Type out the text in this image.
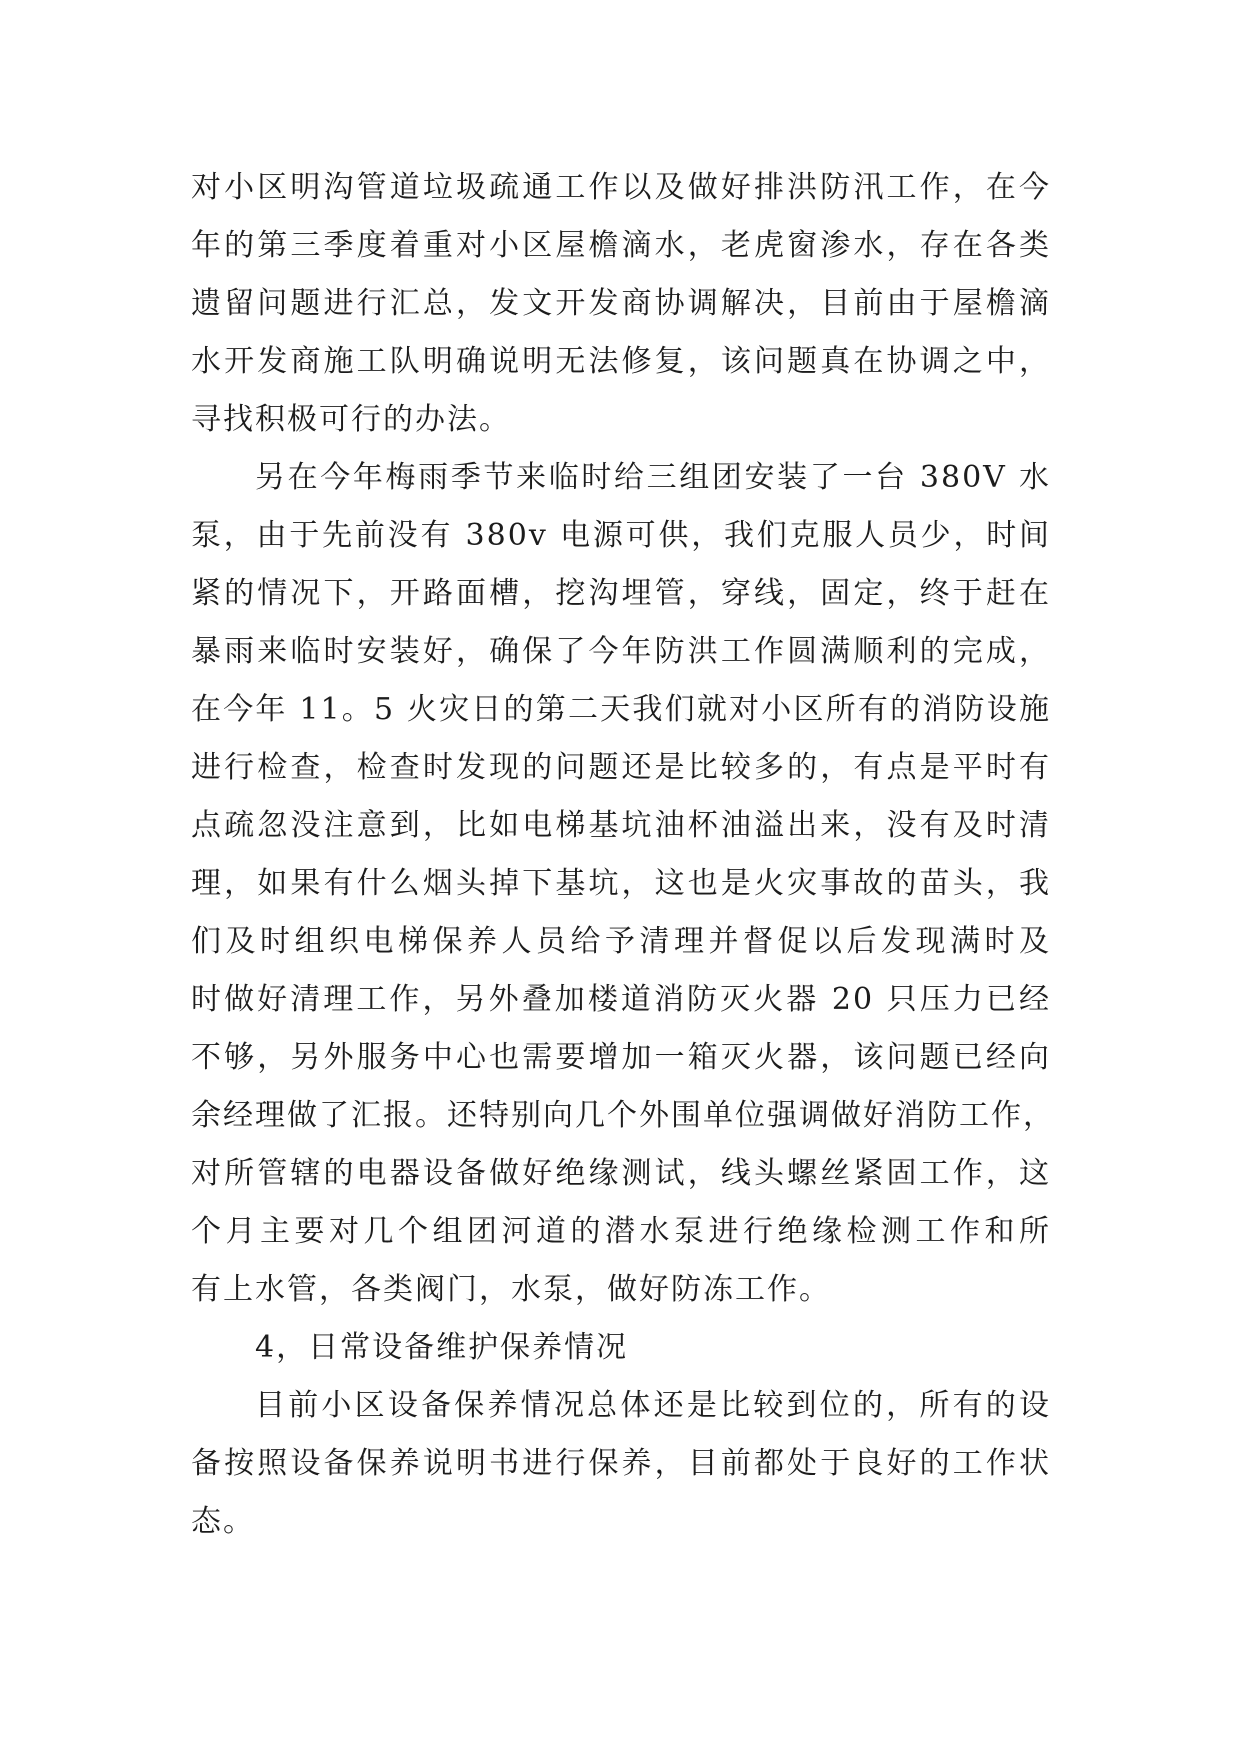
对小区明沟管道垃圾疏通工作以及做好排洪防汛工作，在今
年的第三季度着重对小区屋檐滴水，老虎窗渗水，存在各类
遗留问题进行汇总，发文开发商协调解决，目前由于屋檐滴
水开发商施工队明确说明无法修复，该问题真在协调之中，
寻找积极可行的办法。
另在今年梅雨季节来临时给三组团安装了一台 380V 水
泵，由于先前没有 380v 电源可供，我们克服人员少，时间
紧的情况下，开路面槽，挖沟埋管，穿线，固定，终于赶在
暴雨来临时安装好，确保了今年防洪工作圆满顺利的完成，
在今年 11。5 火灾日的第二天我们就对小区所有的消防设施
进行检查，检查时发现的问题还是比较多的，有点是平时有
点疏忽没注意到，比如电梯基坑油杯油溢出来，没有及时清
理，如果有什么烟头掉下基坑，这也是火灾事故的苗头，我
们及时组织电梯保养人员给予清理并督促以后发现满时及
时做好清理工作，另外叠加楼道消防灭火器 20 只压力已经
不够，另外服务中心也需要增加一箱灭火器，该问题已经向
余经理做了汇报。还特别向几个外围单位强调做好消防工作，
对所管辖的电器设备做好绝缘测试，线头螺丝紧固工作，这
个月主要对几个组团河道的潜水泵进行绝缘检测工作和所
有上水管，各类阀门，水泵，做好防冻工作。
4，日常设备维护保养情况
目前小区设备保养情况总体还是比较到位的，所有的设
备按照设备保养说明书进行保养，目前都处于良好的工作状
态。
